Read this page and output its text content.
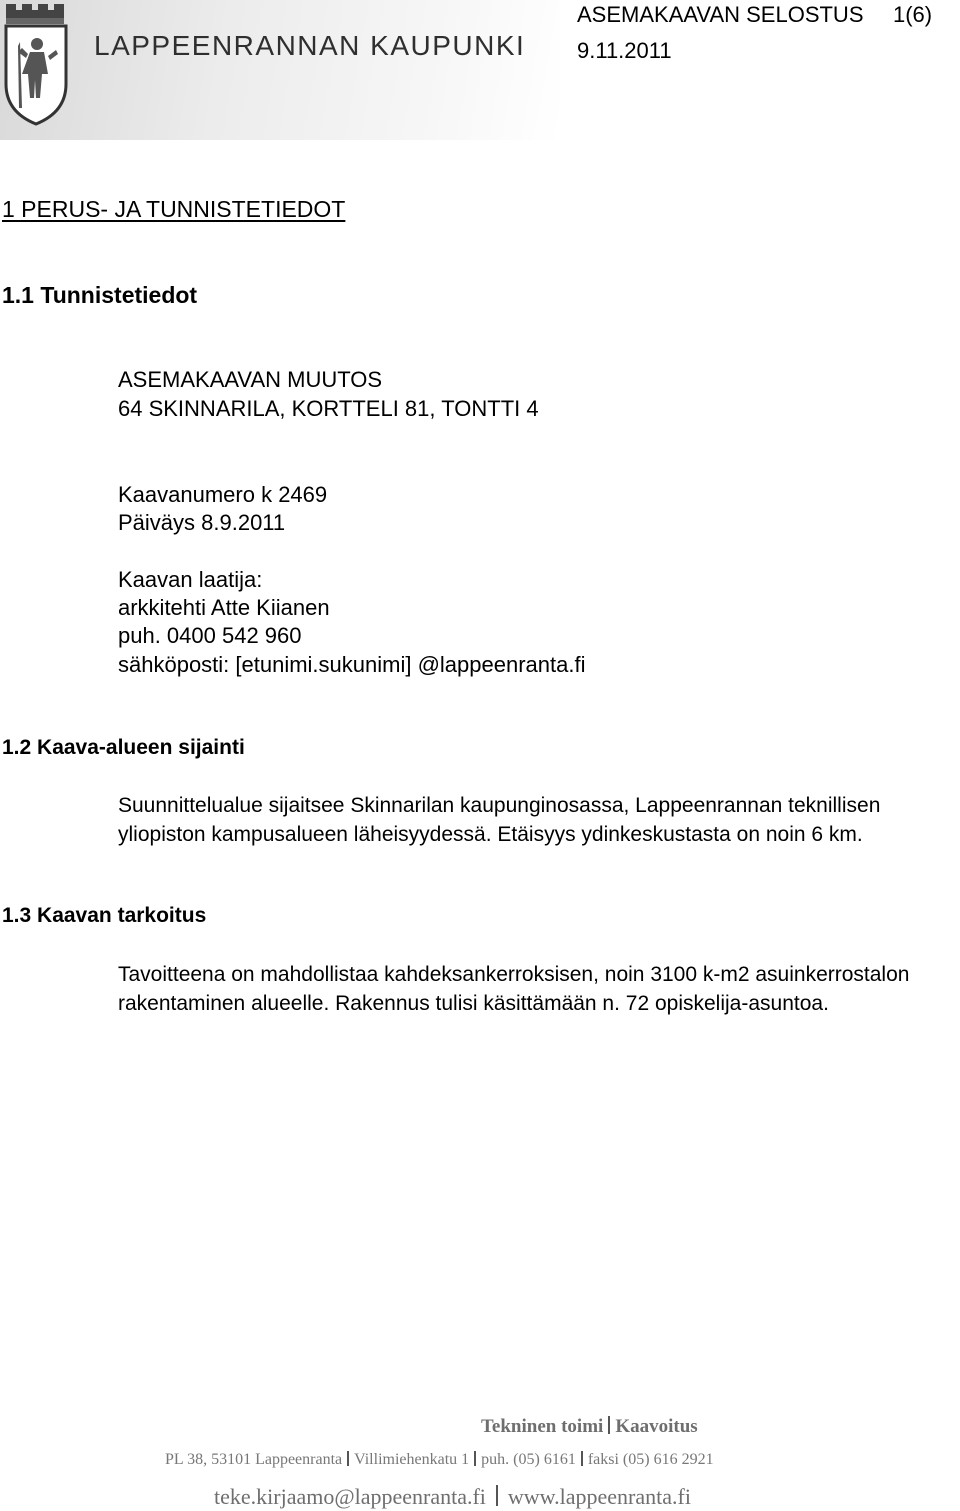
LAPPEENRANNAN KAUPUNKI
ASEMAKAAVAN SELOSTUS 1(6)
9.11.2011
1 PERUS- JA TUNNISTETIEDOT
1.1 Tunnistetiedot
ASEMAKAAVAN MUUTOS
64 SKINNARILA, KORTTELI 81, TONTTI 4
Kaavanumero k 2469
Päiväys 8.9.2011
Kaavan laatija:
arkkitehti Atte Kiianen
puh. 0400 542 960
sähköposti: [etunimi.sukunimi] @lappeenranta.fi
1.2 Kaava-alueen sijainti

Suunnittelualue sijaitsee Skinnarilan kaupunginosassa, Lappeenrannan teknillisen yliopiston kampusalueen läheisyydessä. Etäisyys ydinkeskustasta on noin 6 km.

1.3 Kaavan tarkoitus

Tavoitteena on mahdollistaa kahdeksankerroksisen, noin 3100 k-m2 asuinkerrostalon rakentaminen alueelle. Rakennus tulisi käsittämään n. 72 opiskelija-asuntoa.

Tekninen toimi Kaavoitus
PL 38, 53101 Lappeenranta Villimiehenkatu 1 puh. (05) 6161 faksi (05) 616 2921
teke.kirjaamo@lappeenranta.fi www.lappeenranta.fi
